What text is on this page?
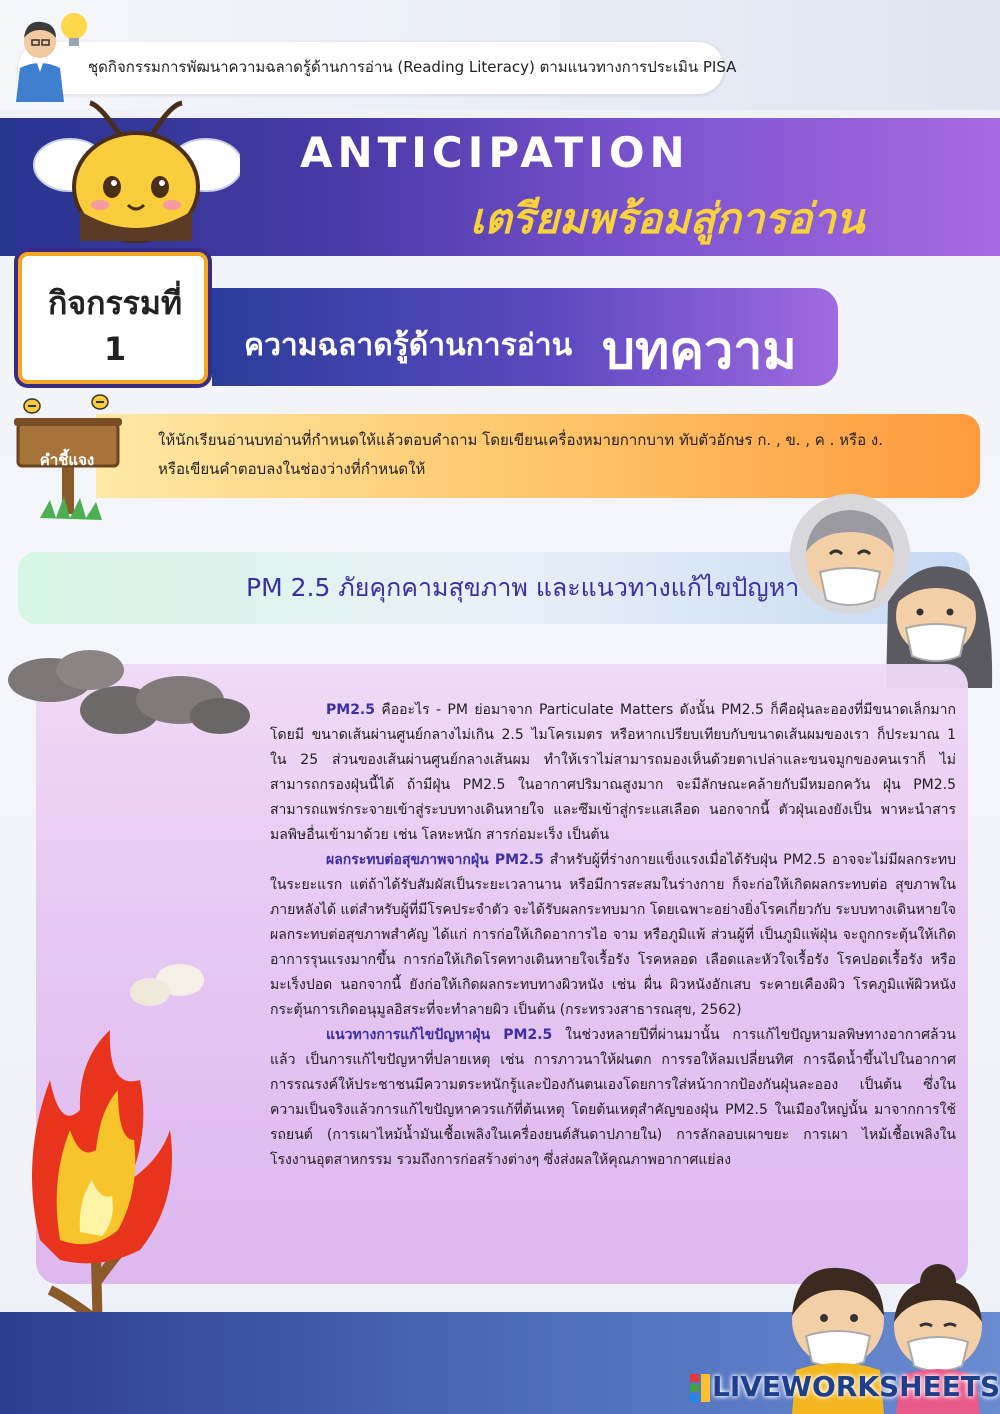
ชุดกิจกรรมการพัฒนาความฉลาดรู้ด้านการอ่าน (Reading Literacy) ตามแนวทางการประเมิน PISA
ANTICIPATION
เตรียมพร้อมสู่การอ่าน
กิจกรรมที่
1	ความฉลาดรู้ด้านการอ่าน บทความ
คำชี้แจง
ให้นักเรียนอ่านบทอ่านที่กำหนดให้แล้วตอบคำถาม โดยเขียนเครื่องหมายกากบาท ทับตัวอักษร ก. , ข. , ค . หรือ ง.
หรือเขียนคำตอบลงในช่องว่างที่กำหนดให้
PM 2.5 ภัยคุกคามสุขภาพ และแนวทางแก้ไขปัญหา

    PM2.5 คืออะไร - PM ย่อมาจาก Particulate Matters ดังนั้น PM2.5 ก็คือฝุ่นละอองที่มีขนาดเล็กมาก โดยมี ขนาดเส้นผ่านศูนย์กลางไม่เกิน 2.5 ไมโครเมตร หรือหากเปรียบเทียบกับขนาดเส้นผมของเรา ก็ประมาณ 1 ใน 25 ส่วนของเส้นผ่านศูนย์กลางเส้นผม ทำให้เราไม่สามารถมองเห็นด้วยตาเปล่าและขนจมูกของคนเราก็ ไม่สามารถกรองฝุ่นนี้ได้ ถ้ามีฝุ่น PM2.5 ในอากาศปริมาณสูงมาก จะมีลักษณะคล้ายกับมีหมอกควัน ฝุ่น PM2.5 สามารถแพร่กระจายเข้าสู่ระบบทางเดินหายใจ และซึมเข้าสู่กระแสเลือด นอกจากนี้ ตัวฝุ่นเองยังเป็น พาหะนำสารมลพิษอื่นเข้ามาด้วย เช่น โลหะหนัก สารก่อมะเร็ง เป็นต้น

    ผลกระทบต่อสุขภาพจากฝุ่น PM2.5 สำหรับผู้ที่ร่างกายแข็งแรงเมื่อได้รับฝุ่น PM2.5 อาจจะไม่มีผลกระทบ ในระยะแรก แต่ถ้าได้รับสัมผัสเป็นระยะเวลานาน หรือมีการสะสมในร่างกาย ก็จะก่อให้เกิดผลกระทบต่อ สุขภาพในภายหลังได้ แต่สำหรับผู้ที่มีโรคประจำตัว จะได้รับผลกระทบมาก โดยเฉพาะอย่างยิ่งโรคเกี่ยวกับ ระบบทางเดินหายใจ ผลกระทบต่อสุขภาพสำคัญ ได้แก่ การก่อให้เกิดอาการไอ จาม หรือภูมิแพ้ ส่วนผู้ที่ เป็นภูมิแพ้ฝุ่น จะถูกกระตุ้นให้เกิดอาการรุนแรงมากขึ้น การก่อให้เกิดโรคทางเดินหายใจเรื้อรัง โรคหลอด เลือดและหัวใจเรื้อรัง โรคปอดเรื้อรัง หรือมะเร็งปอด นอกจากนี้ ยังก่อให้เกิดผลกระทบทางผิวหนัง เช่น ผื่น ผิวหนังอักเสบ ระคายเคืองผิว โรคภูมิแพ้ผิวหนัง กระตุ้นการเกิดอนุมูลอิสระที่จะทำลายผิว เป็นต้น (กระทรวงสาธารณสุข, 2562)

    แนวทางการแก้ไขปัญหาฝุ่น PM2.5 ในช่วงหลายปีที่ผ่านมานั้น การแก้ไขปัญหามลพิษทางอากาศล้วนแล้ว เป็นการแก้ไขปัญหาที่ปลายเหตุ เช่น การภาวนาให้ฝนตก การรอให้ลมเปลี่ยนทิศ การฉีดน้ำขึ้นไปในอากาศ การรณรงค์ให้ประชาชนมีความตระหนักรู้และป้องกันตนเองโดยการใส่หน้ากากป้องกันฝุ่นละออง เป็นต้น ซึ่งในความเป็นจริงแล้วการแก้ไขปัญหาควรแก้ที่ต้นเหตุ โดยต้นเหตุสำคัญของฝุ่น PM2.5 ในเมืองใหญ่นั้น มาจากการใช้รถยนต์ (การเผาไหม้น้ำมันเชื้อเพลิงในเครื่องยนต์สันดาปภายใน) การลักลอบเผาขยะ การเผา ไหม้เชื้อเพลิงในโรงงานอุตสาหกรรม รวมถึงการก่อสร้างต่างๆ ซึ่งส่งผลให้คุณภาพอากาศแย่ลง

LIVEWORKSHEETS
